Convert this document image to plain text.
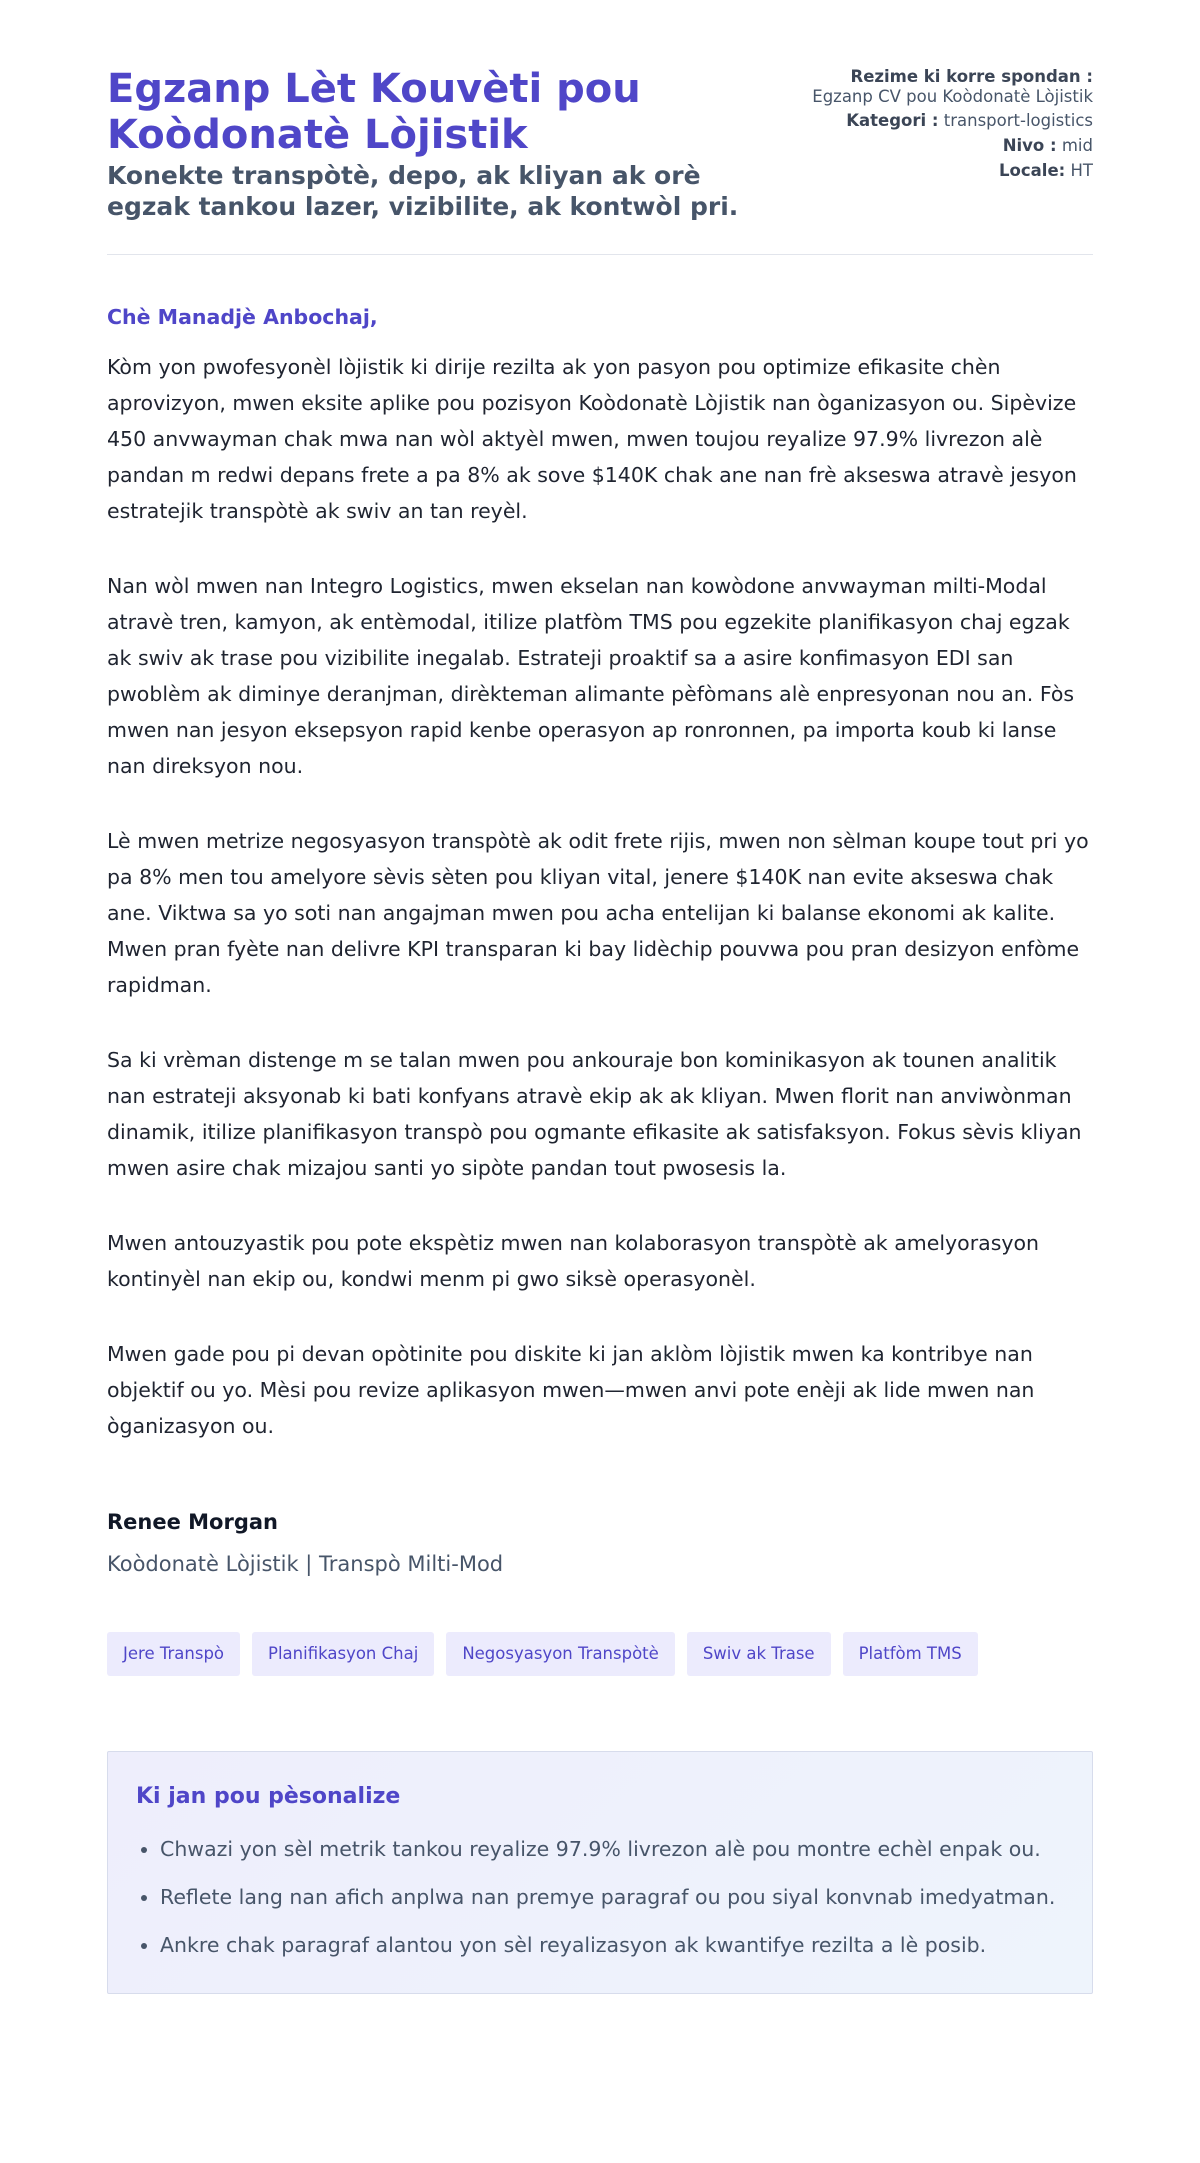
Egzanp Lèt Kouvèti pou Koòdonatè Lòjistik
Konekte transpòtè, depo, ak kliyan ak orè egzak tankou lazer, vizibilite, ak kontwòl pri.
Rezime ki korre spondan :
Egzanp CV pou Koòdonatè Lòjistik
Kategori : transport-logistics
Nivo : mid
Locale: HT
Chè Manadjè Anbochaj,

Kòm yon pwofesyonèl lòjistik ki dirije rezilta ak yon pasyon pou optimize efikasite chèn aprovizyon, mwen eksite aplike pou pozisyon Koòdonatè Lòjistik nan òganizasyon ou. Sipèvize 450 anvwayman chak mwa nan wòl aktyèl mwen, mwen toujou reyalize 97.9% livrezon alè pandan m redwi depans frete a pa 8% ak sove $140K chak ane nan frè akseswa atravè jesyon estratejik transpòtè ak swiv an tan reyèl.

Nan wòl mwen nan Integro Logistics, mwen ekselan nan kowòdone anvwayman milti-Modal atravè tren, kamyon, ak entèmodal, itilize platfòm TMS pou egzekite planifikasyon chaj egzak ak swiv ak trase pou vizibilite inegalab. Estrateji proaktif sa a asire konfimasyon EDI san pwoblèm ak diminye deranjman, dirèkteman alimante pèfòmans alè enpresyonan nou an. Fòs mwen nan jesyon eksepsyon rapid kenbe operasyon ap ronronnen, pa importa koub ki lanse nan direksyon nou.

Lè mwen metrize negosyasyon transpòtè ak odit frete rijis, mwen non sèlman koupe tout pri yo pa 8% men tou amelyore sèvis sèten pou kliyan vital, jenere $140K nan evite akseswa chak ane. Viktwa sa yo soti nan angajman mwen pou acha entelijan ki balanse ekonomi ak kalite. Mwen pran fyète nan delivre KPI transparan ki bay lidèchip pouvwa pou pran desizyon enfòme rapidman.

Sa ki vrèman distenge m se talan mwen pou ankouraje bon kominikasyon ak tounen analitik nan estrateji aksyonab ki bati konfyans atravè ekip ak ak kliyan. Mwen florit nan anviwònman dinamik, itilize planifikasyon transpò pou ogmante efikasite ak satisfaksyon. Fokus sèvis kliyan mwen asire chak mizajou santi yo sipòte pandan tout pwosesis la.

Mwen antouzyastik pou pote ekspètiz mwen nan kolaborasyon transpòtè ak amelyorasyon kontinyèl nan ekip ou, kondwi menm pi gwo siksè operasyonèl.

Mwen gade pou pi devan opòtinite pou diskite ki jan aklòm lòjistik mwen ka kontribye nan objektif ou yo. Mèsi pou revize aplikasyon mwen—mwen anvi pote enèji ak lide mwen nan òganizasyon ou.

Renee Morgan
Koòdonatè Lòjistik | Transpò Milti-Mod
Jere Transpò	Planifikasyon Chaj	Negosyasyon Transpòtè	Swiv ak Trase	Platfòm TMS
Ki jan pou pèsonalize
• Chwazi yon sèl metrik tankou reyalize 97.9% livrezon alè pou montre echèl enpak ou.
• Reflete lang nan afich anplwa nan premye paragraf ou pou siyal konvnab imedyatman.
• Ankre chak paragraf alantou yon sèl reyalizasyon ak kwantifye rezilta a lè posib.
